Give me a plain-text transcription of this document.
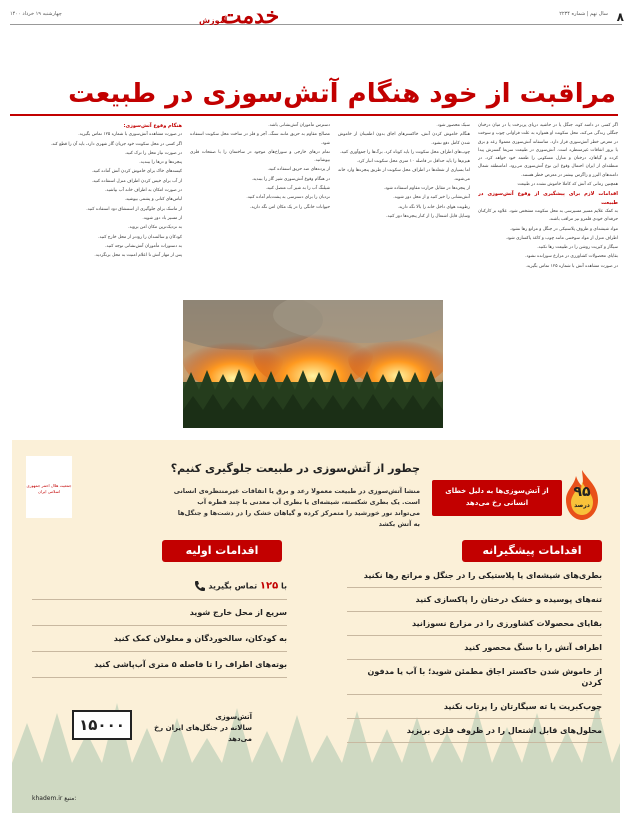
۸
سال نهم | شماره ۲۲۳۴
چهارشنبه ۱۹ خرداد ۱۴۰۰	خدمت
آموزش
مراقبت از خود هنگام آتش‌سوزی در طبیعت

اگر کسی در دامنه کوه، جنگل یا در حاشیه دریای پربرخت یا در میان درختان جنگلی زندگی می‌کند، محل سکونت او همواره به علت فراوانی چوب و سوخت در معرض خطر آتش‌سوزی قرار دارد. متاسفانه آتش‌سوزی معمولا رعد و برق یا بروز اتفاقات غیرمنتظره است. آتش‌سوزی در طبیعت سریعا گسترش پیدا کرده و گیاهان، درختان و منازل مسکونی را طعمه خود خواهد کرد. در منطقه‌ای از ایران احتمال وقوع این نوع آتش‌سوزی می‌رود. امامنطقه شمال دامنه‌های البرز و زاگرس بیشتر در معرض خطر هستند.

همچنین زمانی که آتش که کاملا خاموش نشده در طبیعت

اقدامات لازم برای پیشگیری از وقوع آتش‌سوزی در طبیعت

به کمک علایم مسیر مسیرسی به محل سکونت مشخص شود. علاوه بر کارکنان حرفه‌ای خودی قلمرو نیز مراقب باشند.

مواد شیشه‌ای و ظروف پلاستیکی در جنگل و مراتع رها نشود.

اطراف منزل از مواد سوختنی مانند چوب و کاغذ پاکسازی شود.

سیگار و کبریت روشن را در طبیعت رها نکنید.

بقایای محصولات کشاورزی در مزارع سوزانده نشود.

در صورت مشاهده آتش با شماره ۱۲۵ تماس بگیرید.

سبک محصور شود.

هنگام خاموش کردن آتش، خاکسترهای اجاق بدون اطمینان از خاموش شدن کامل دفع نشود.

چوب‌های اطراف محل سکونت را باید کوتاه کرد. برگ‌ها را جمع‌آوری کنید.

هیزم‌ها را باید حداقل در فاصله ۱۰ متری محل سکونت انبار کرد.

اما بسیاری از شعله‌ها در اطراف محل سکونت از طریق پنجره‌ها وارد خانه می‌شوند.

از پنجره‌ها در مقابل حرارت مقاوم استفاده شود.

آتش‌نشانی را خبر کنید و از محل دور شوید.

رطوبت هوای داخل خانه را بالا نگه دارید.

وسایل قابل اشتعال را از کنار پنجره‌ها دور کنید.

دسترس مأموران آتش‌نشانی باشد.

مصالح مقاوم به حریق مانند سنگ، آجر و فلز در ساخت محل سکونت استفاده شود.

تمام درهای خارجی و سوراخ‌های موجود در ساختمان را با صفحات فلزی بپوشانید.

از پرده‌های ضد حریق استفاده کنید.

در هنگام وقوع آتش‌سوزی شیر گاز را ببندید.

شیلنگ آب را به شیر آب متصل کنید.

نردبان را برای دسترسی به پشت‌بام آماده کنید.

حیوانات خانگی را در یک مکان امن نگه دارید.

هنگام وقوع آتش‌سوزی:

در صورت مشاهده آتش‌سوزی با شماره ۱۲۵ تماس بگیرید.

اگر کسی در محل سکونت خود جریان گاز شهری دارد، باید آن را قطع کند.

در صورت نیاز محل را ترک کنید.

پنجره‌ها و درها را ببندید.

کیسه‌های خاک برای خاموش کردن آتش آماده کنید.

از آب برای خیس کردن اطراف منزل استفاده کنید.

در صورت امکان به اطراف خانه آب بپاشید.

لباس‌های کتانی و پشمی بپوشید.

از ماسک برای جلوگیری از استنشاق دود استفاده کنید.

از مسیر باد دور شوید.

به نزدیک‌ترین مکان امن بروید.

کودکان و سالمندان را زودتر از محل خارج کنید.

به دستورات مأموران آتش‌نشانی توجه کنید.

پس از مهار آتش تا اعلام امنیت به محل برنگردید.

جمعیت هلال احمر جمهوری اسلامی ایران
چطور از آتش‌سوزی در طبیعت جلوگیری کنیم؟
منشا آتش‌سوزی در طبیعت معمولا رعد و برق یا اتفاقات غیرمنتظره‌ی انسانی است. یک بطری شکسته، شیشه‌ای یا بطری آب معدنی با چند قطره آب می‌تواند نور خورشید را متمرکز کرده و گیاهان خشک را در دشت‌ها و جنگل‌ها به آتش بکشد
۹۵
درصد
از آتش‌سوزی‌ها به دلیل خطای انسانی رخ می‌دهد
اقدامات پیشگیرانه
بطری‌های شیشه‌ای یا پلاستیکی را در جنگل و مراتع رها نکنید
تنه‌های پوسیده و خشک درختان را پاکسازی کنید
بقایای محصولات کشاورزی را در مزارع نسوزانید
اطراف آتش را با سنگ محصور کنید
از خاموش شدن خاکستر اجاق مطمئن شوید؛ با آب یا مدفون کردن
چوب‌کبریت یا ته سیگارتان را پرتاب نکنید
محلول‌های قابل اشتعال را در ظروف فلزی بریزید
اقدامات اولیه
با ۱۲۵ تماس بگیرید
سریع از محل خارج شوید
به کودکان، سالخوردگان و معلولان کمک کنید
بوته‌های اطراف را تا فاصله ۵ متری آب‌پاشی کنید
۱۵۰۰۰	آتش‌سوزی
سالانه در جنگل‌های ایران رخ می‌دهد
khadem.ir منبع:
